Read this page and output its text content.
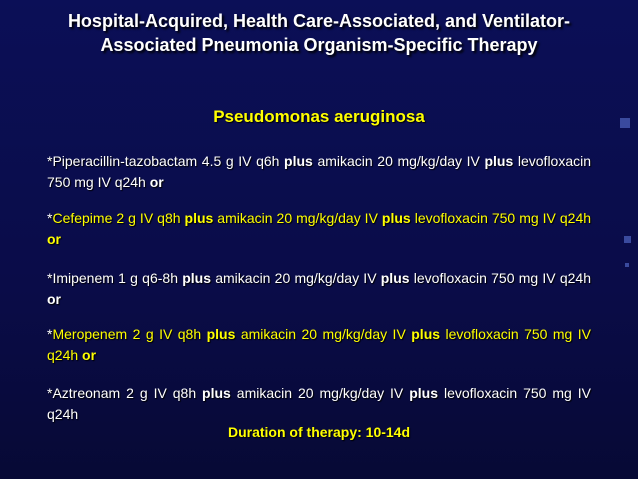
Hospital-Acquired, Health Care-Associated, and Ventilator-
Associated Pneumonia Organism-Specific Therapy
Pseudomonas aeruginosa
*Piperacillin-tazobactam 4.5 g IV q6h plus amikacin 20 mg/kg/day IV plus levofloxacin 750 mg IV q24h or
*Cefepime 2 g IV q8h plus amikacin 20 mg/kg/day IV plus levofloxacin 750 mg IV q24h or
*Imipenem 1 g q6-8h plus amikacin 20 mg/kg/day IV plus levofloxacin 750 mg IV q24h or
*Meropenem 2 g IV q8h plus amikacin 20 mg/kg/day IV plus levofloxacin 750 mg IV q24h or
*Aztreonam 2 g IV q8h plus amikacin 20 mg/kg/day IV plus levofloxacin 750 mg IV q24h
Duration of therapy: 10-14d
